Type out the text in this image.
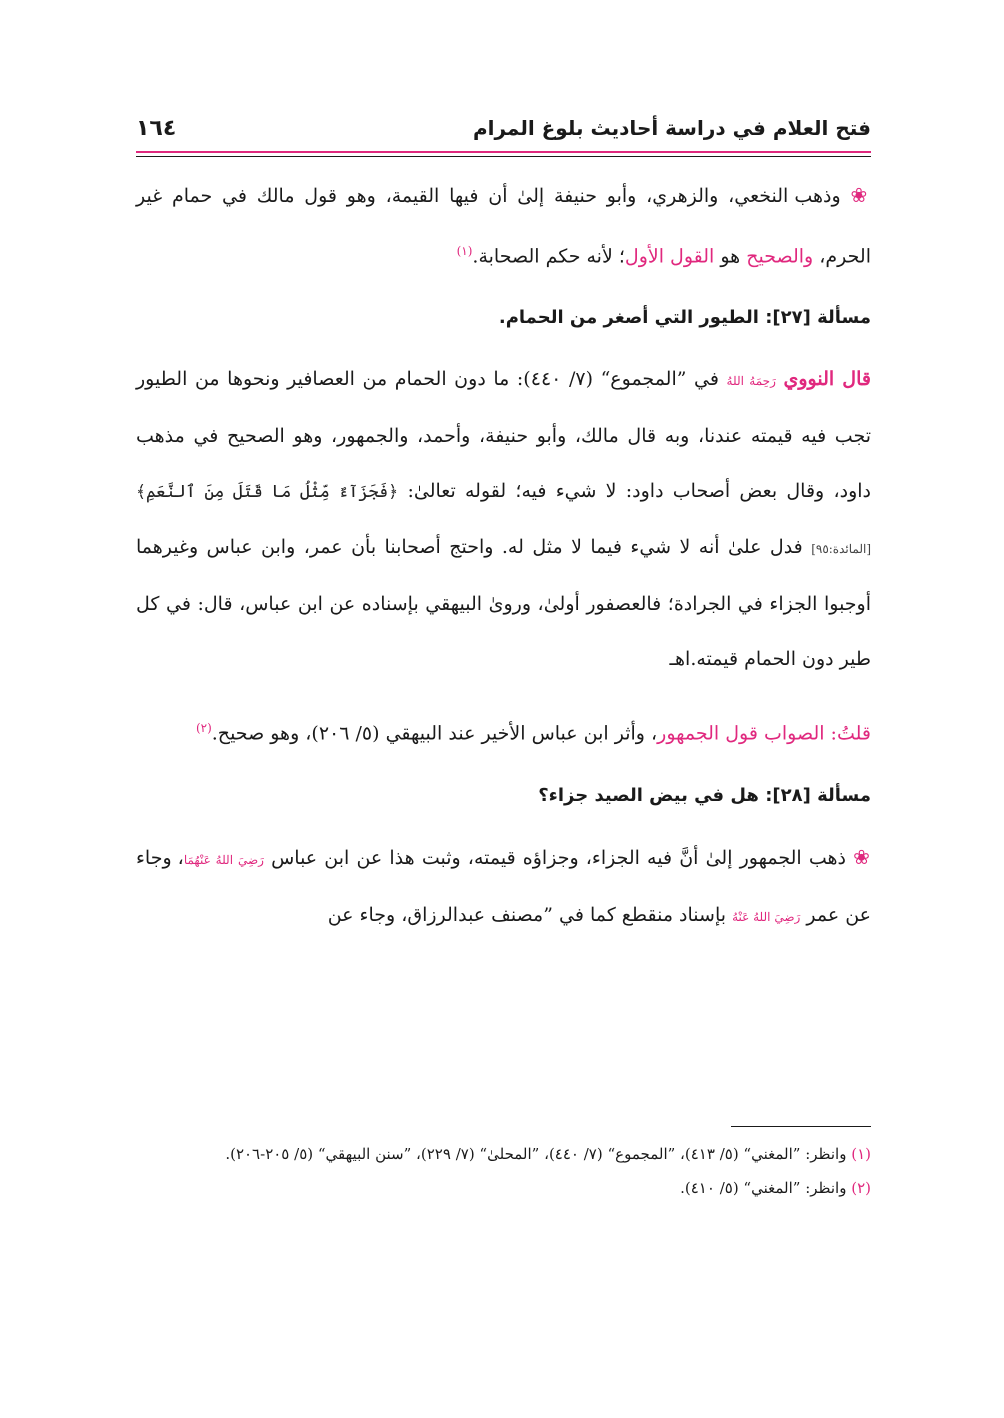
فتح العلام في دراسة أحاديث بلوغ المرام
١٦٤

❀ وذهب النخعي، والزهري، وأبو حنيفة إلىٰ أن فيها القيمة، وهو قول مالك في حمام غير الحرم، والصحيح هو القول الأول؛ لأنه حكم الصحابة.$^{(١)}$

مسألة [٢٧]: الطيور التي أصغر من الحمام.

قال النووي رَحِمَهُ اللهُ في ”المجموع“ (٧/ ٤٤٠): ما دون الحمام من العصافير ونحوها من الطيور تجب فيه قيمته عندنا، وبه قال مالك، وأبو حنيفة، وأحمد، والجمهور، وهو الصحيح في مذهب داود، وقال بعض أصحاب داود: لا شيء فيه؛ لقوله تعالىٰ: ﴿فَجَزَآءٌ مِّثْلُ مَا قَتَلَ مِنَ ٱلنَّعَمِ﴾ [المائدة:٩٥] فدل علىٰ أنه لا شيء فيما لا مثل له. واحتج أصحابنا بأن عمر، وابن عباس وغيرهما أوجبوا الجزاء في الجرادة؛ فالعصفور أولىٰ، وروىٰ البيهقي بإسناده عن ابن عباس، قال: في كل طير دون الحمام قيمته.اهـ

قلتُ: الصواب قول الجمهور، وأثر ابن عباس الأخير عند البيهقي (٥/ ٢٠٦)، وهو صحيح.$^{(٢)}$

مسألة [٢٨]: هل في بيض الصيد جزاء؟

❀ ذهب الجمهور إلىٰ أنَّ فيه الجزاء، وجزاؤه قيمته، وثبت هذا عن ابن عباس رَضِيَ اللهُ عَنْهُمَا، وجاء عن عمر رَضِيَ اللهُ عَنْهُ بإسناد منقطع كما في ”مصنف عبدالرزاق، وجاء عن

(١) وانظر: ”المغني“ (٥/ ٤١٣)، ”المجموع“ (٧/ ٤٤٠)، ”المحلىٰ“ (٧/ ٢٢٩)، ”سنن البيهقي“ (٥/ ٢٠٥-٢٠٦).

(٢) وانظر: ”المغني“ (٥/ ٤١٠).
